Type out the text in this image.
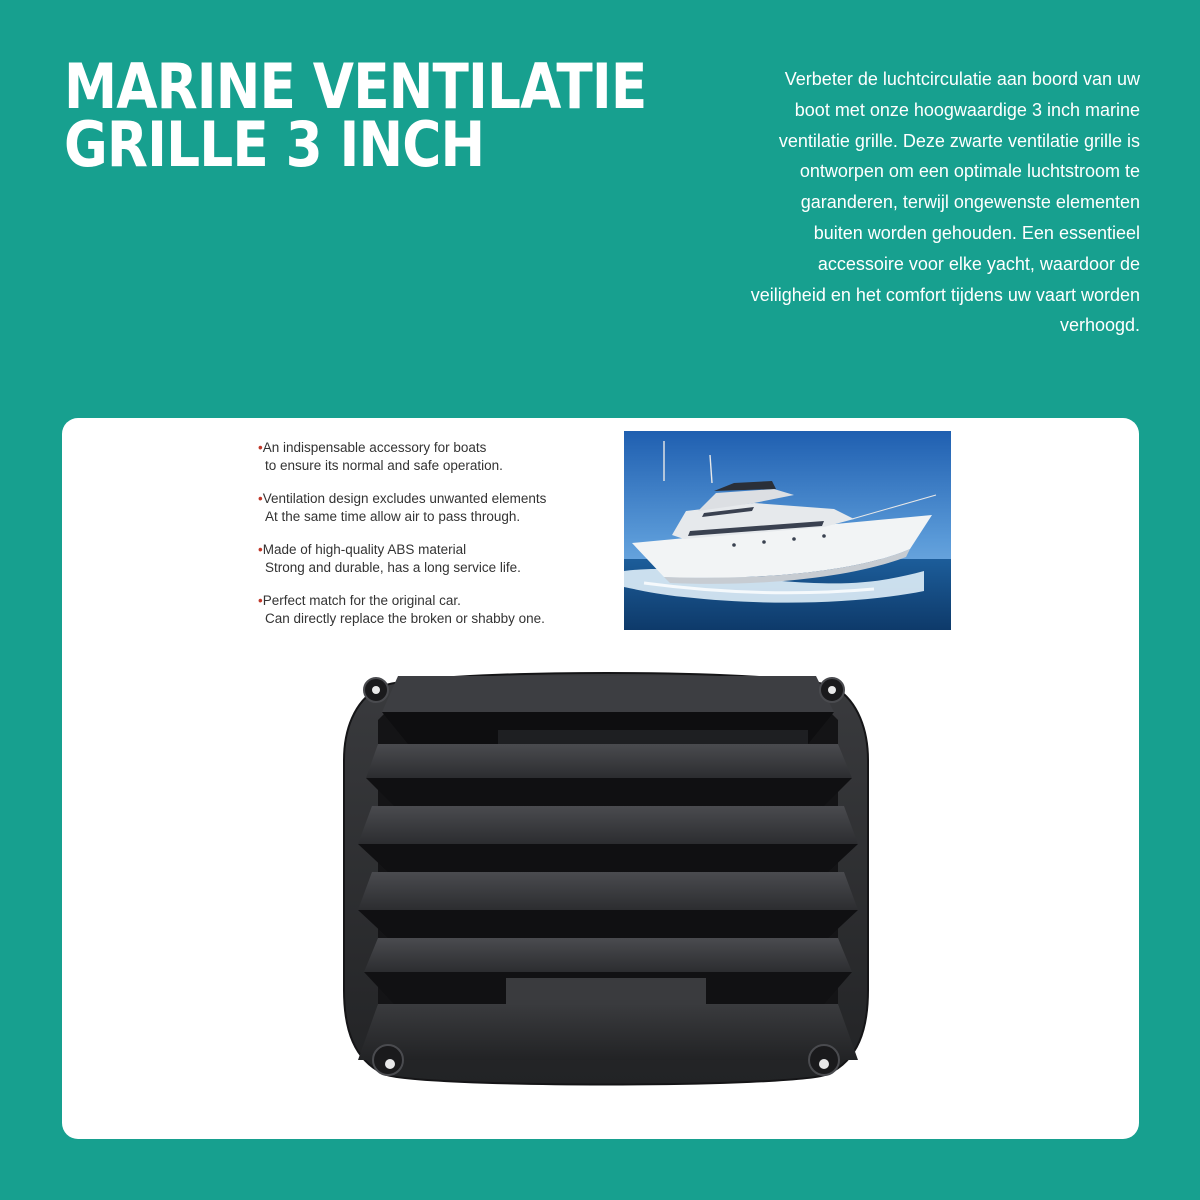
MARINE VENTILATIE
GRILLE 3 INCH

Verbeter de luchtcirculatie aan boord van uw boot met onze hoogwaardige 3 inch marine ventilatie grille. Deze zwarte ventilatie grille is ontworpen om een optimale luchtstroom te garanderen, terwijl ongewenste elementen buiten worden gehouden. Een essentieel accessoire voor elke yacht, waardoor de veiligheid en het comfort tijdens uw vaart worden verhoogd.

•An indispensable accessory for boats
to ensure its normal and safe operation.
•Ventilation design excludes unwanted elements
At the same time allow air to pass through.
•Made of high-quality ABS material
Strong and durable, has a long service life.
•Perfect match for the original car.
Can directly replace the broken or shabby one.
